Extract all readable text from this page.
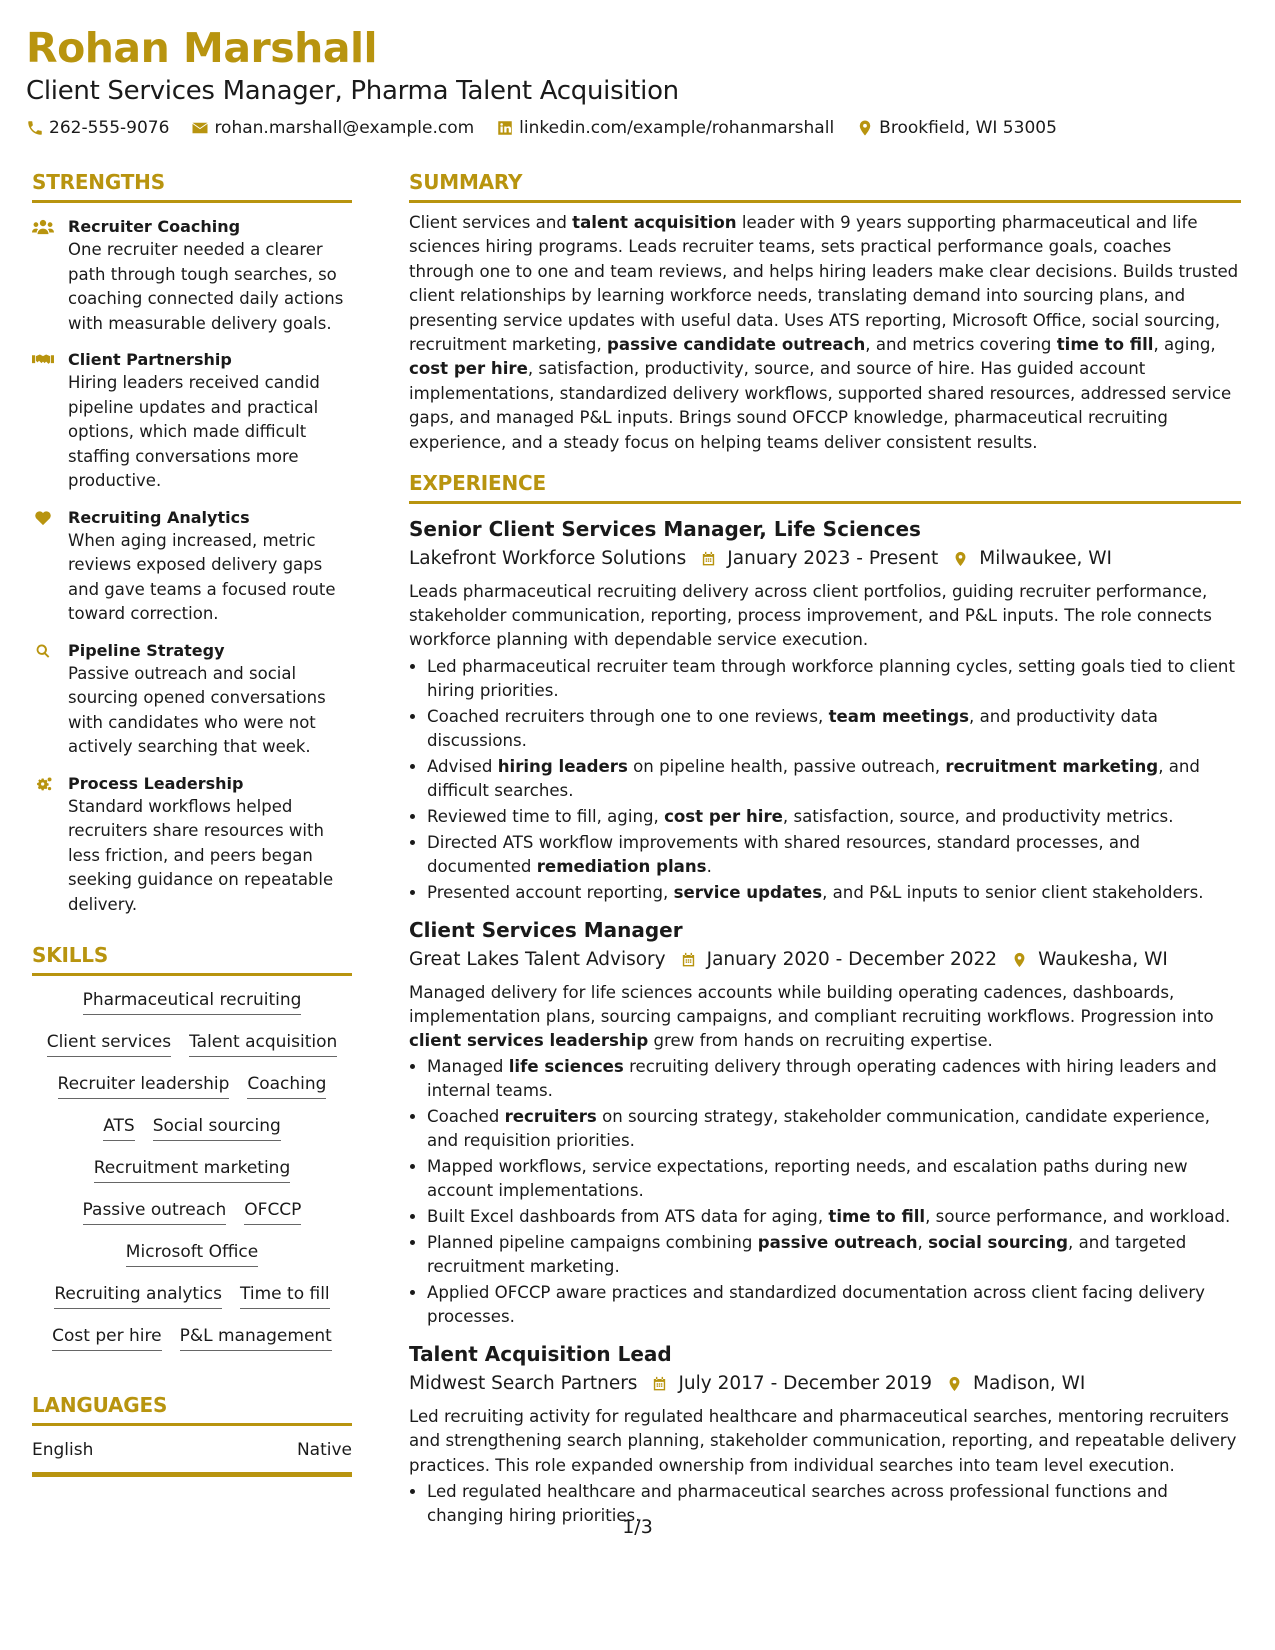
Rohan Marshall
Client Services Manager, Pharma Talent Acquisition
262-555-9076	rohan.marshall@example.com	linkedin.com/example/rohanmarshall	Brookfield, WI 53005
STRENGTHS
Recruiter Coaching
One recruiter needed a clearer path through tough searches, so coaching connected daily actions with measurable delivery goals.
Client Partnership
Hiring leaders received candid pipeline updates and practical options, which made difficult staffing conversations more productive.
Recruiting Analytics
When aging increased, metric reviews exposed delivery gaps and gave teams a focused route toward correction.
Pipeline Strategy
Passive outreach and social sourcing opened conversations with candidates who were not actively searching that week.
Process Leadership
Standard workflows helped recruiters share resources with less friction, and peers began seeking guidance on repeatable delivery.
SKILLS
Pharmaceutical recruiting
Client services Talent acquisition
Recruiter leadership Coaching
ATS Social sourcing
Recruitment marketing
Passive outreach OFCCP
Microsoft Office
Recruiting analytics Time to fill
Cost per hire P&L management
LANGUAGES
English	Native
SUMMARY
Client services and talent acquisition leader with 9 years supporting pharmaceutical and life sciences hiring programs. Leads recruiter teams, sets practical performance goals, coaches through one to one and team reviews, and helps hiring leaders make clear decisions. Builds trusted client relationships by learning workforce needs, translating demand into sourcing plans, and presenting service updates with useful data. Uses ATS reporting, Microsoft Office, social sourcing, recruitment marketing, passive candidate outreach, and metrics covering time to fill, aging, cost per hire, satisfaction, productivity, source, and source of hire. Has guided account implementations, standardized delivery workflows, supported shared resources, addressed service gaps, and managed P&L inputs. Brings sound OFCCP knowledge, pharmaceutical recruiting experience, and a steady focus on helping teams deliver consistent results.
EXPERIENCE
Senior Client Services Manager, Life Sciences
Lakefront Workforce Solutions January 2023 - Present Milwaukee, WI
Leads pharmaceutical recruiting delivery across client portfolios, guiding recruiter performance, stakeholder communication, reporting, process improvement, and P&L inputs. The role connects workforce planning with dependable service execution.
• Led pharmaceutical recruiter team through workforce planning cycles, setting goals tied to client hiring priorities.
• Coached recruiters through one to one reviews, team meetings, and productivity data discussions.
• Advised hiring leaders on pipeline health, passive outreach, recruitment marketing, and difficult searches.
• Reviewed time to fill, aging, cost per hire, satisfaction, source, and productivity metrics.
• Directed ATS workflow improvements with shared resources, standard processes, and documented remediation plans.
• Presented account reporting, service updates, and P&L inputs to senior client stakeholders.
Client Services Manager
Great Lakes Talent Advisory January 2020 - December 2022 Waukesha, WI
Managed delivery for life sciences accounts while building operating cadences, dashboards, implementation plans, sourcing campaigns, and compliant recruiting workflows. Progression into client services leadership grew from hands on recruiting expertise.
• Managed life sciences recruiting delivery through operating cadences with hiring leaders and internal teams.
• Coached recruiters on sourcing strategy, stakeholder communication, candidate experience, and requisition priorities.
• Mapped workflows, service expectations, reporting needs, and escalation paths during new account implementations.
• Built Excel dashboards from ATS data for aging, time to fill, source performance, and workload.
• Planned pipeline campaigns combining passive outreach, social sourcing, and targeted recruitment marketing.
• Applied OFCCP aware practices and standardized documentation across client facing delivery processes.
Talent Acquisition Lead
Midwest Search Partners July 2017 - December 2019 Madison, WI
Led recruiting activity for regulated healthcare and pharmaceutical searches, mentoring recruiters and strengthening search planning, stakeholder communication, reporting, and repeatable delivery practices. This role expanded ownership from individual searches into team level execution.
• Led regulated healthcare and pharmaceutical searches across professional functions and changing hiring priorities.
1/3
